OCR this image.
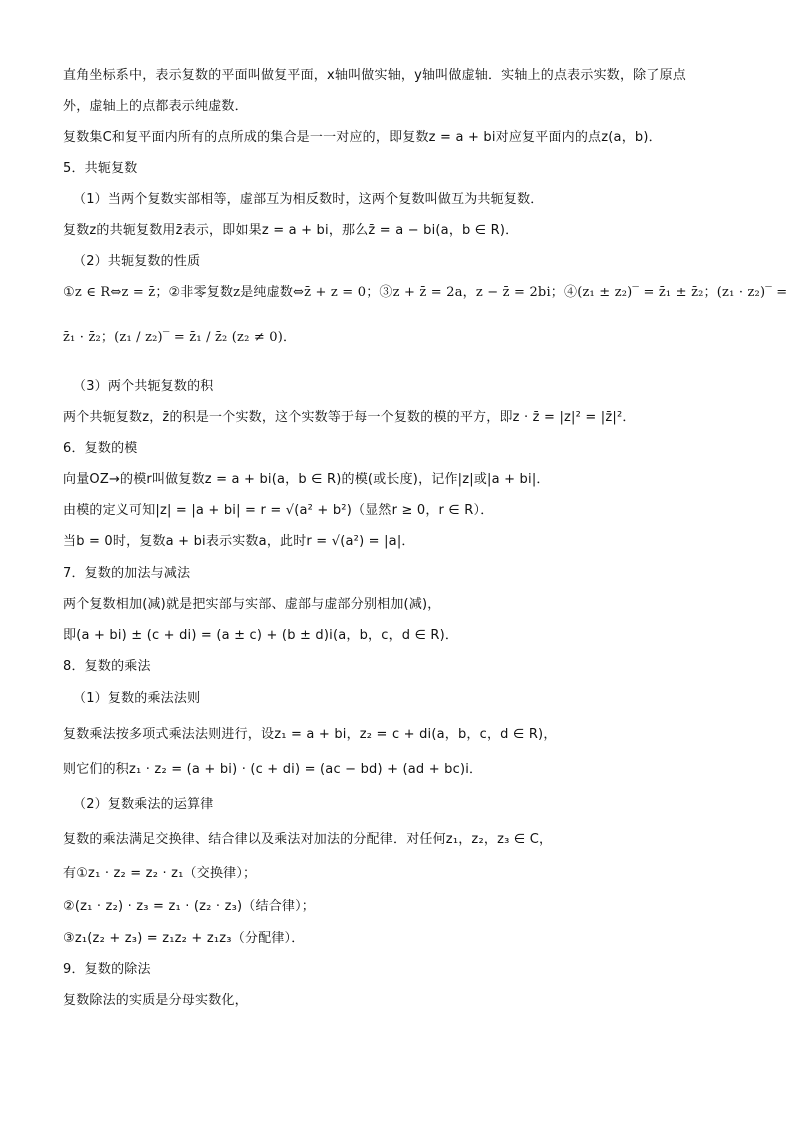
直角坐标系中，表示复数的平面叫做复平面，x轴叫做实轴，y轴叫做虚轴．实轴上的点表示实数，除了原点
外，虚轴上的点都表示纯虚数．
复数集C和复平面内所有的点所成的集合是一一对应的，即复数z = a + bi对应复平面内的点z(a，b)．
5．共轭复数
（1）当两个复数实部相等，虚部互为相反数时，这两个复数叫做互为共轭复数．
复数z的共轭复数用z̄表示，即如果z = a + bi，那么z̄ = a − bi(a，b ∈ R)．
（2）共轭复数的性质
①z ∈ R⇔z = z̄；②非零复数z是纯虚数⇔z̄ + z = 0；③z + z̄ = 2a，z − z̄ = 2bi；④(z₁ ± z₂)‾ = z̄₁ ± z̄₂；(z₁ · z₂)‾ =
z̄₁ · z̄₂；(z₁ / z₂)‾ = z̄₁ / z̄₂ (z₂ ≠ 0)．
（3）两个共轭复数的积
两个共轭复数z，z̄的积是一个实数，这个实数等于每一个复数的模的平方，即z · z̄ = |z|² = |z̄|²．
6．复数的模
向量OZ→的模r叫做复数z = a + bi(a，b ∈ R)的模(或长度)，记作|z|或|a + bi|．
由模的定义可知|z| = |a + bi| = r = √(a² + b²)（显然r ≥ 0，r ∈ R）．
当b = 0时，复数a + bi表示实数a，此时r = √(a²) = |a|．
7．复数的加法与减法
两个复数相加(减)就是把实部与实部、虚部与虚部分别相加(减)，
即(a + bi) ± (c + di) = (a ± c) + (b ± d)i(a，b，c，d ∈ R)．
8．复数的乘法
（1）复数的乘法法则
复数乘法按多项式乘法法则进行，设z₁ = a + bi，z₂ = c + di(a，b，c，d ∈ R)，
则它们的积z₁ · z₂ = (a + bi) · (c + di) = (ac − bd) + (ad + bc)i．
（2）复数乘法的运算律
复数的乘法满足交换律、结合律以及乘法对加法的分配律．对任何z₁，z₂，z₃ ∈ C，
有①z₁ · z₂ = z₂ · z₁（交换律）；
②(z₁ · z₂) · z₃ = z₁ · (z₂ · z₃)（结合律）；
③z₁(z₂ + z₃) = z₁z₂ + z₁z₃（分配律）．
9．复数的除法
复数除法的实质是分母实数化，
